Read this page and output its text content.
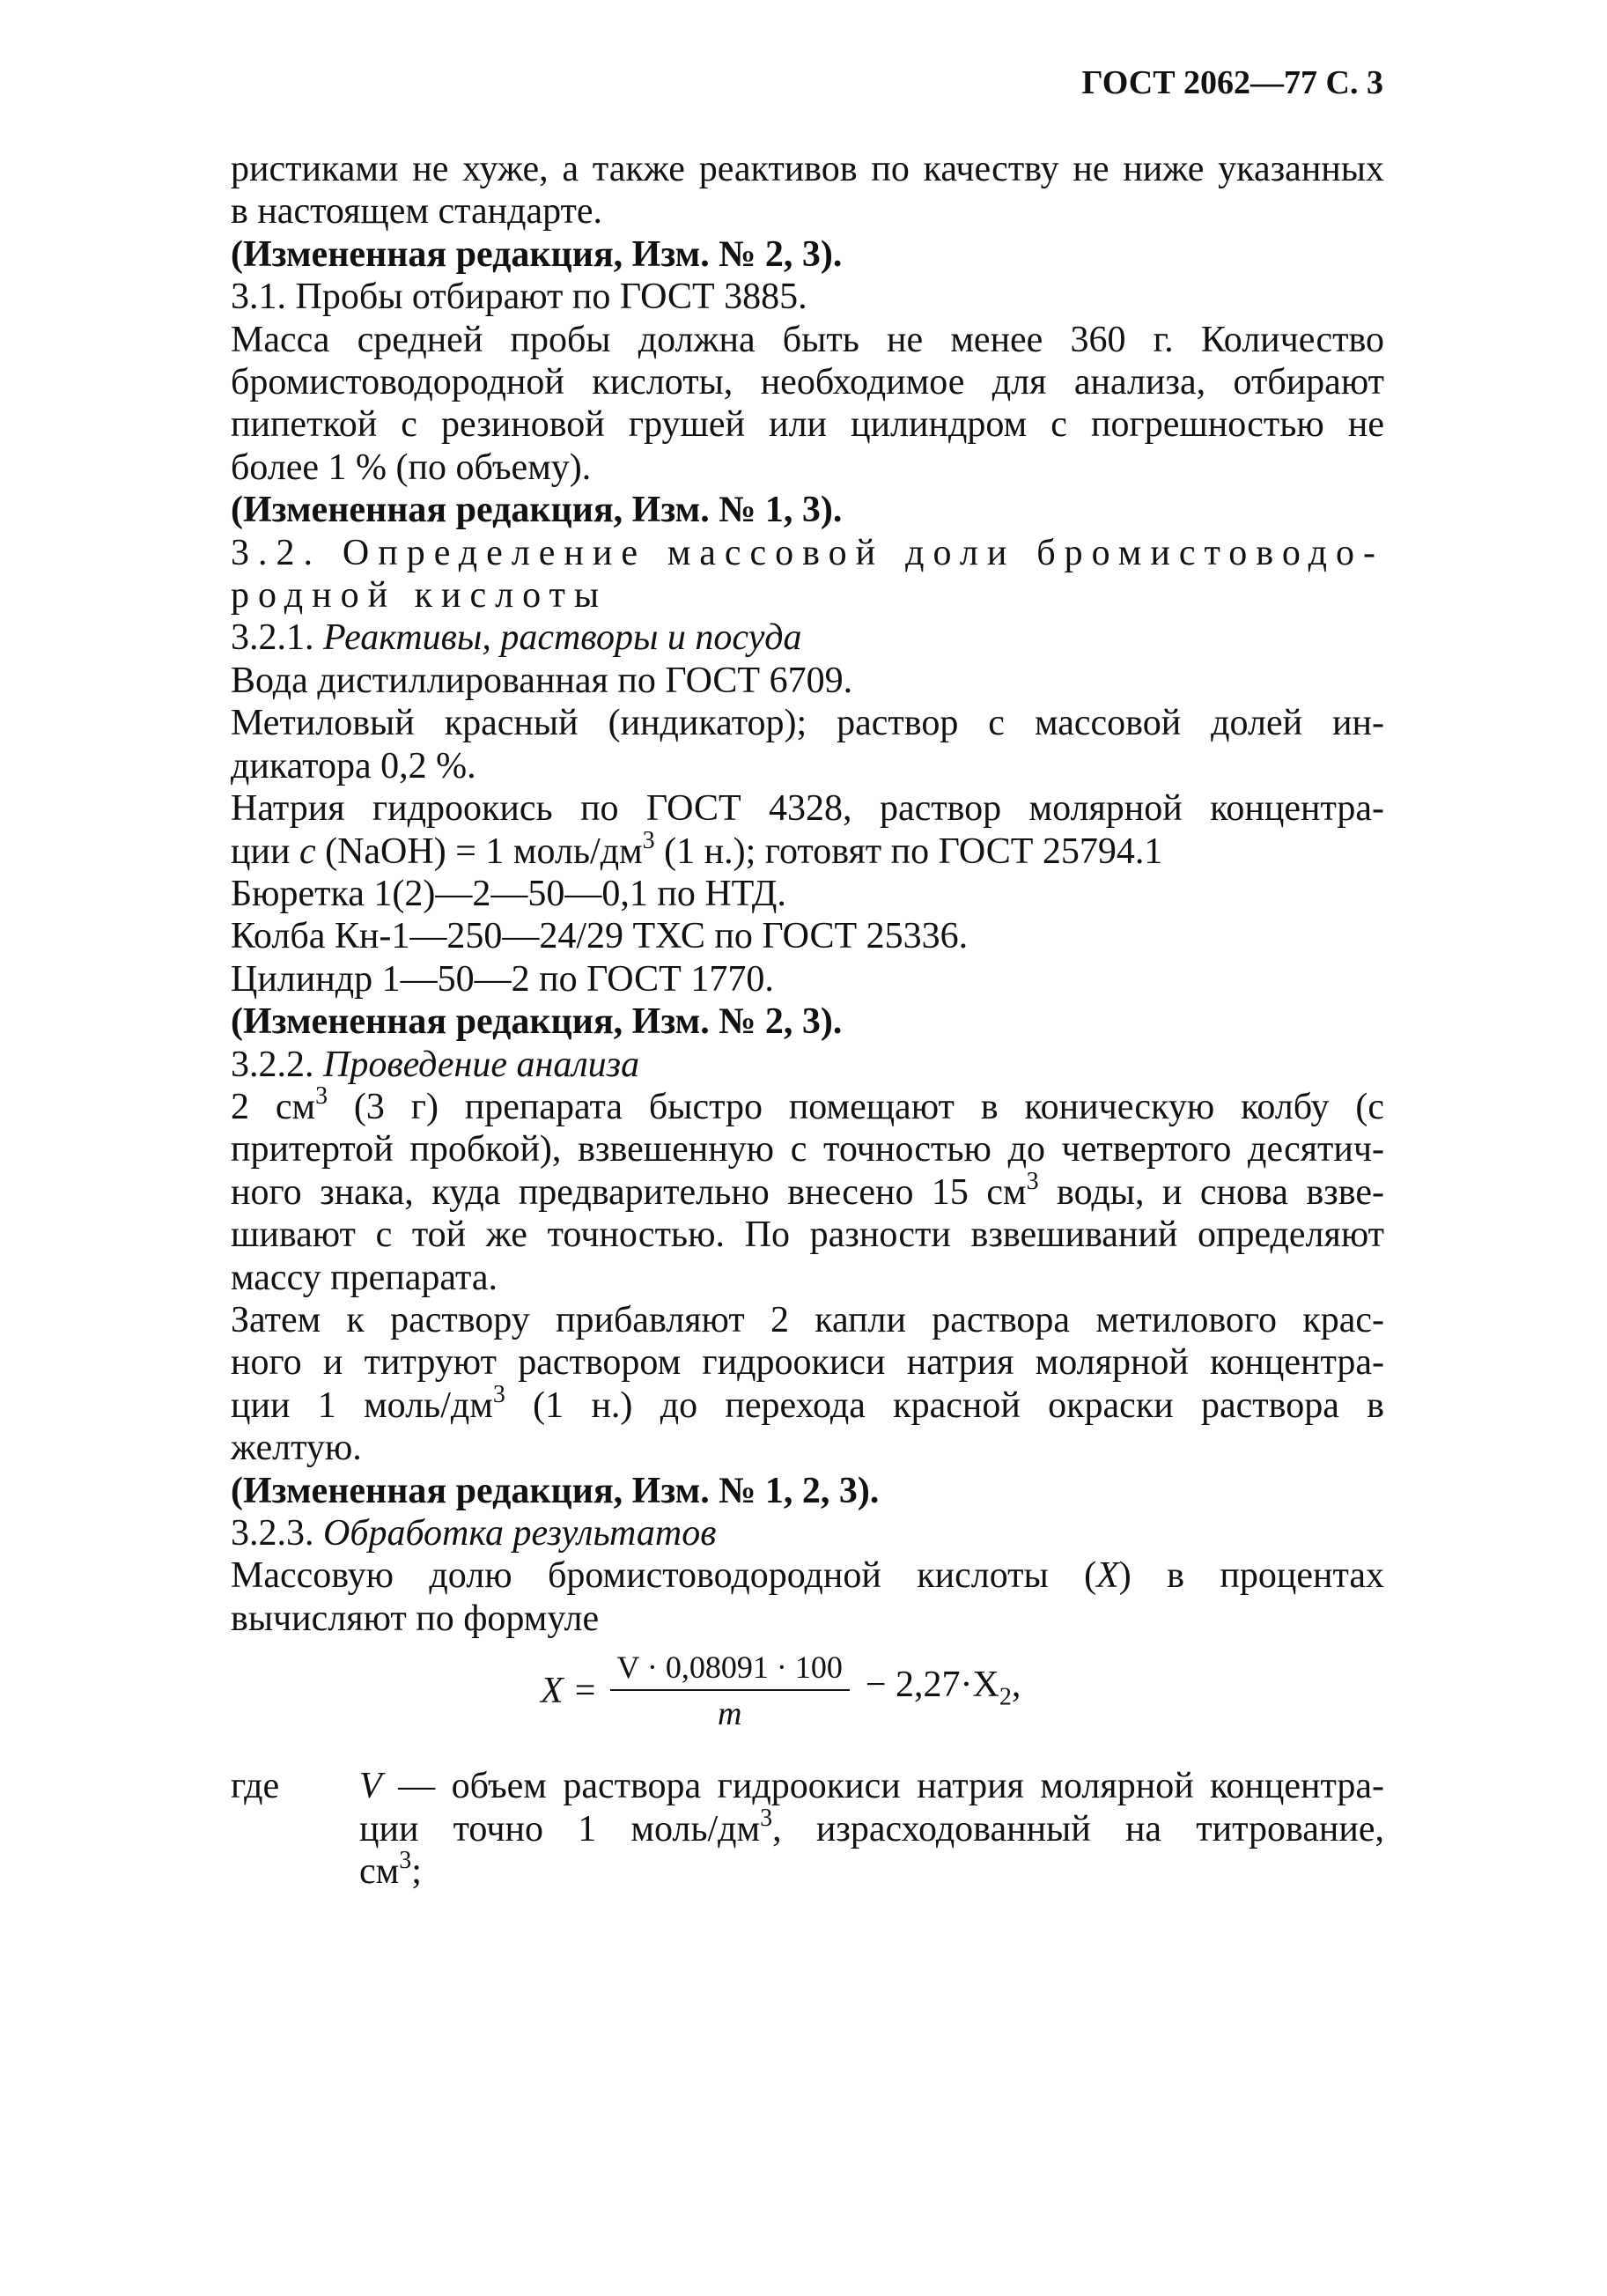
ГОСТ 2062—77 С. 3

ристиками не хуже, а также реактивов по качеству не ниже указанных

в настоящем стандарте.

(Измененная редакция, Изм. № 2, 3).

3.1. Пробы отбирают по ГОСТ 3885.

Масса средней пробы должна быть не менее 360 г. Количество

бромистоводородной кислоты, необходимое для анализа, отбирают

пипеткой с резиновой грушей или цилиндром с погрешностью не

более 1 % (по объему).

(Измененная редакция, Изм. № 1, 3).

3.2. Определение массовой доли бромистоводо-

родной кислоты

3.2.1. Реактивы, растворы и посуда

Вода дистиллированная по ГОСТ 6709.

Метиловый красный (индикатор); раствор с массовой долей ин-

дикатора 0,2 %.

Натрия гидроокись по ГОСТ 4328, раствор молярной концентра-

ции с (NaOH) = 1 моль/$дм^3$ (1 н.); готовят по ГОСТ 25794.1

Бюретка 1(2)—2—50—0,1 по НТД.

Колба Кн-1—250—24/29 ТХС по ГОСТ 25336.

Цилиндр 1—50—2 по ГОСТ 1770.

(Измененная редакция, Изм. № 2, 3).

3.2.2. Проведение анализа

2 $см^3$ (3 г) препарата быстро помещают в коническую колбу (с

притертой пробкой), взвешенную с точностью до четвертого десятич-

ного знака, куда предварительно внесено 15 $см^3$ воды, и снова взве-

шивают с той же точностью. По разности взвешиваний определяют

массу препарата.

Затем к раствору прибавляют 2 капли раствора метилового крас-

ного и титруют раствором гидроокиси натрия молярной концентра-

ции 1 моль/$дм^3$ (1 н.) до перехода красной окраски раствора в

желтую.

(Измененная редакция, Изм. № 1, 2, 3).

3.2.3. Обработка результатов

Массовую долю бромистоводородной кислоты (X) в процентах

вычисляют по формуле

$X = \frac{V \cdot 0,08091 \cdot 100}{m} - 2,27\cdot X_2$,
где V — объем раствора гидроокиси натрия молярной концентра-

ции точно 1 моль/$дм^3$, израсходованный на титрование,

$см^3$;
